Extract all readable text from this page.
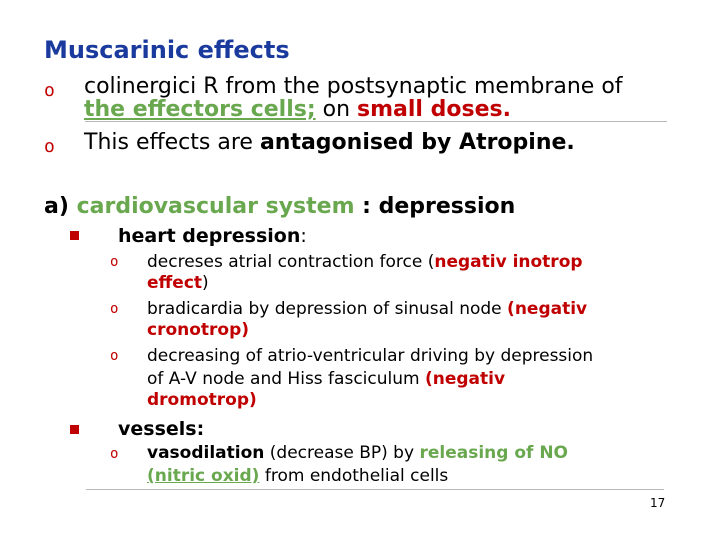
Muscarinic effects
o colinergici R from the postsynaptic membrane of
the effectors cells; on small doses.
o This effects are antagonised by Atropine.
a) cardiovascular system : depression
heart depression:
o decreses atrial contraction force (negativ inotrop
effect)
o bradicardia by depression of sinusal node (negativ
cronotrop)
o decreasing of atrio-ventricular driving by depression
of A-V node and Hiss fasciculum (negativ
dromotrop)
vessels:
o vasodilation (decrease BP) by releasing of NO
(nitric oxid) from endothelial cells
17
